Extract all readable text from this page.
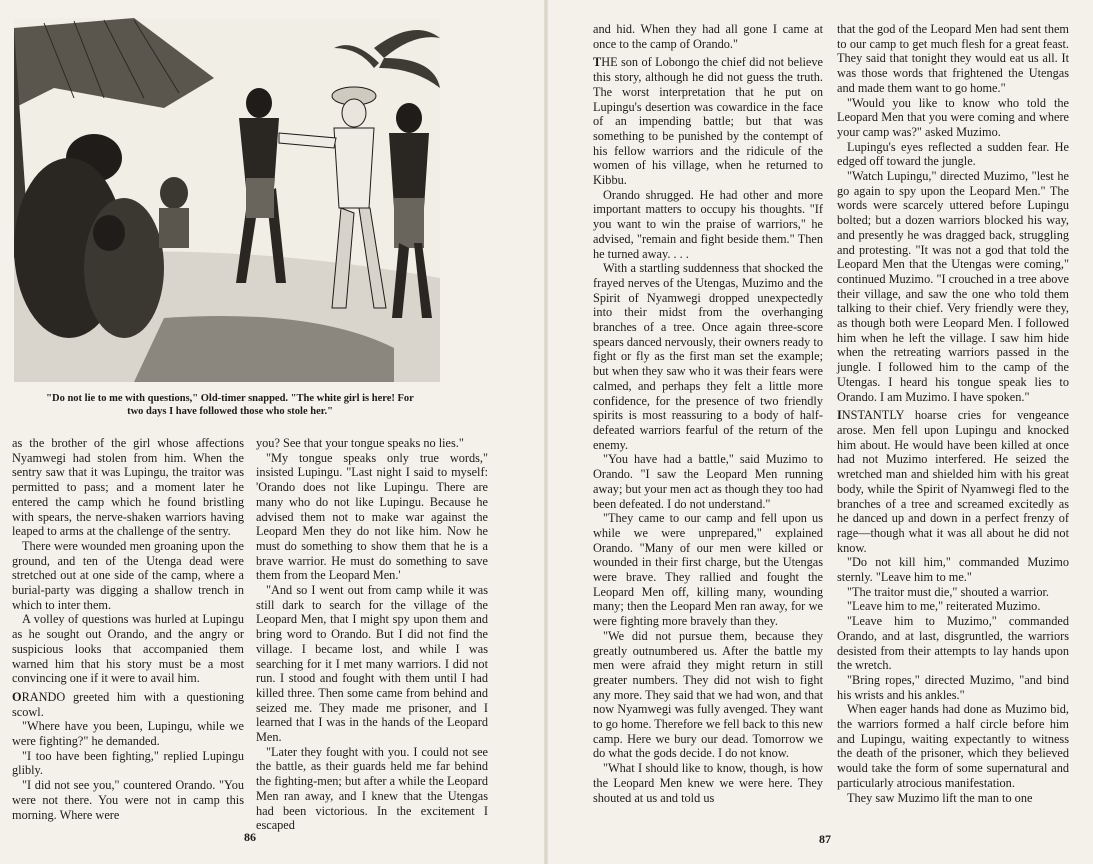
"Do not lie to me with questions," Old-timer snapped. "The white girl is here! For two days I have followed those who stole her."

as the brother of the girl whose affections Nyamwegi had stolen from him. When the sentry saw that it was Lupingu, the traitor was permitted to pass; and a moment later he entered the camp which he found bristling with spears, the nerve-shaken warriors having leaped to arms at the challenge of the sentry.

There were wounded men groaning upon the ground, and ten of the Utenga dead were stretched out at one side of the camp, where a burial-party was digging a shallow trench in which to inter them.

A volley of questions was hurled at Lupingu as he sought out Orando, and the angry or suspicious looks that accompanied them warned him that his story must be a most convincing one if it were to avail him.

ORANDO greeted him with a questioning scowl.

"Where have you been, Lupingu, while we were fighting?" he demanded.

"I too have been fighting," replied Lupingu glibly.

"I did not see you," countered Orando. "You were not there. You were not in camp this morning. Where were

you? See that your tongue speaks no lies."

"My tongue speaks only true words," insisted Lupingu. "Last night I said to myself: 'Orando does not like Lupingu. There are many who do not like Lupingu. Because he advised them not to make war against the Leopard Men they do not like him. Now he must do something to show them that he is a brave warrior. He must do something to save them from the Leopard Men.'

"And so I went out from camp while it was still dark to search for the village of the Leopard Men, that I might spy upon them and bring word to Orando. But I did not find the village. I became lost, and while I was searching for it I met many warriors. I did not run. I stood and fought with them until I had killed three. Then some came from behind and seized me. They made me prisoner, and I learned that I was in the hands of the Leopard Men.

"Later they fought with you. I could not see the battle, as their guards held me far behind the fighting-men; but after a while the Leopard Men ran away, and I knew that the Utengas had been victorious. In the excitement I escaped

86

and hid. When they had all gone I came at once to the camp of Orando."

THE son of Lobongo the chief did not believe this story, although he did not guess the truth. The worst interpretation that he put on Lupingu's desertion was cowardice in the face of an impending battle; but that was something to be punished by the contempt of his fellow warriors and the ridicule of the women of his village, when he returned to Kibbu.

Orando shrugged. He had other and more important matters to occupy his thoughts. "If you want to win the praise of warriors," he advised, "remain and fight beside them." Then he turned away. . . .

With a startling suddenness that shocked the frayed nerves of the Utengas, Muzimo and the Spirit of Nyamwegi dropped unexpectedly into their midst from the overhanging branches of a tree. Once again three-score spears danced nervously, their owners ready to fight or fly as the first man set the example; but when they saw who it was their fears were calmed, and perhaps they felt a little more confidence, for the presence of two friendly spirits is most reassuring to a body of half-defeated warriors fearful of the return of the enemy.

"You have had a battle," said Muzimo to Orando. "I saw the Leopard Men running away; but your men act as though they too had been defeated. I do not understand."

"They came to our camp and fell upon us while we were unprepared," explained Orando. "Many of our men were killed or wounded in their first charge, but the Utengas were brave. They rallied and fought the Leopard Men off, killing many, wounding many; then the Leopard Men ran away, for we were fighting more bravely than they.

"We did not pursue them, because they greatly outnumbered us. After the battle my men were afraid they might return in still greater numbers. They did not wish to fight any more. They said that we had won, and that now Nyamwegi was fully avenged. They want to go home. Therefore we fell back to this new camp. Here we bury our dead. Tomorrow we do what the gods decide. I do not know.

"What I should like to know, though, is how the Leopard Men knew we were here. They shouted at us and told us

that the god of the Leopard Men had sent them to our camp to get much flesh for a great feast. They said that tonight they would eat us all. It was those words that frightened the Utengas and made them want to go home."

"Would you like to know who told the Leopard Men that you were coming and where your camp was?" asked Muzimo.

Lupingu's eyes reflected a sudden fear. He edged off toward the jungle.

"Watch Lupingu," directed Muzimo, "lest he go again to spy upon the Leopard Men." The words were scarcely uttered before Lupingu bolted; but a dozen warriors blocked his way, and presently he was dragged back, struggling and protesting. "It was not a god that told the Leopard Men that the Utengas were coming," continued Muzimo. "I crouched in a tree above their village, and saw the one who told them talking to their chief. Very friendly were they, as though both were Leopard Men. I followed him when he left the village. I saw him hide when the retreating warriors passed in the jungle. I followed him to the camp of the Utengas. I heard his tongue speak lies to Orando. I am Muzimo. I have spoken."

INSTANTLY hoarse cries for vengeance arose. Men fell upon Lupingu and knocked him about. He would have been killed at once had not Muzimo interfered. He seized the wretched man and shielded him with his great body, while the Spirit of Nyamwegi fled to the branches of a tree and screamed excitedly as he danced up and down in a perfect frenzy of rage—though what it was all about he did not know.

"Do not kill him," commanded Muzimo sternly. "Leave him to me."

"The traitor must die," shouted a warrior.

"Leave him to me," reiterated Muzimo.

"Leave him to Muzimo," commanded Orando, and at last, disgruntled, the warriors desisted from their attempts to lay hands upon the wretch.

"Bring ropes," directed Muzimo, "and bind his wrists and his ankles."

When eager hands had done as Muzimo bid, the warriors formed a half circle before him and Lupingu, waiting expectantly to witness the death of the prisoner, which they believed would take the form of some supernatural and particularly atrocious manifestation.

They saw Muzimo lift the man to one

87
